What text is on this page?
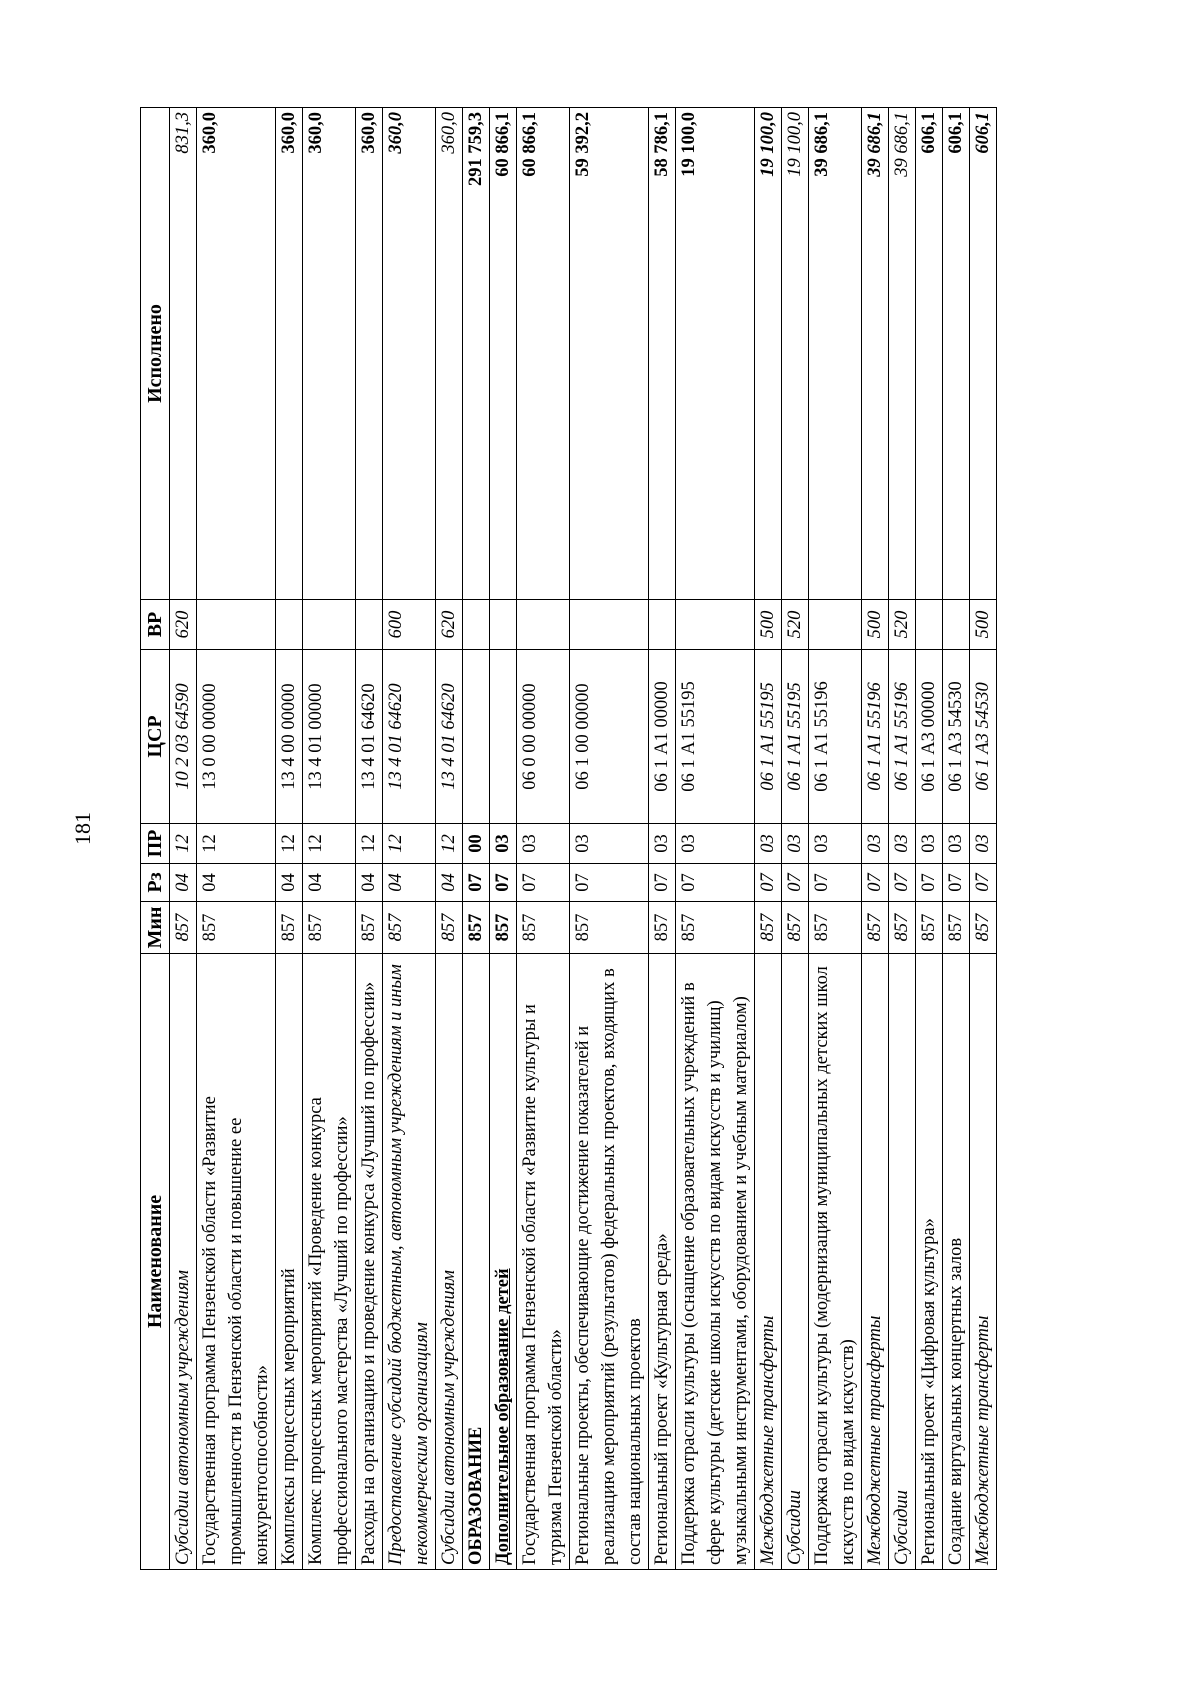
181
Наименование	Мин	Рз	ПР	ЦСР	ВР	Исполнено
Субсидии автономным учреждениям	857	04	12	10 2 03 64590	620	831,3
Государственная программа Пензенской области «Развитие промышленности в Пензенской области и повышение ее конкурентоспособности»	857	04	12	13 0 00 00000		360,0
Комплексы процессных мероприятий	857	04	12	13 4 00 00000		360,0
Комплекс процессных мероприятий «Проведение конкурса профессионального мастерства «Лучший по профессии»	857	04	12	13 4 01 00000		360,0
Расходы на организацию и проведение конкурса «Лучший по профессии»	857	04	12	13 4 01 64620		360,0
Предоставление субсидий бюджетным, автономным учреждениям и иным некоммерческим организациям	857	04	12	13 4 01 64620	600	360,0
Субсидии автономным учреждениям	857	04	12	13 4 01 64620	620	360,0
ОБРАЗОВАНИЕ	857	07	00			291 759,3
Дополнительное образование детей	857	07	03			60 866,1
Государственная программа Пензенской области «Развитие культуры и туризма Пензенской области»	857	07	03	06 0 00 00000		60 866,1
Региональные проекты, обеспечивающие достижение показателей и реализацию мероприятий (результатов) федеральных проектов, входящих в состав национальных проектов	857	07	03	06 1 00 00000		59 392,2
Региональный проект «Культурная среда»	857	07	03	06 1 А1 00000		58 786,1
Поддержка отрасли культуры (оснащение образовательных учреждений в сфере культуры (детские школы искусств по видам искусств и училищ) музыкальными инструментами, оборудованием и учебным материалом)	857	07	03	06 1 А1 55195		19 100,0
Межбюджетные трансферты	857	07	03	06 1 А1 55195	500	19 100,0
Субсидии	857	07	03	06 1 А1 55195	520	19 100,0
Поддержка отрасли культуры (модернизация муниципальных детских школ искусств по видам искусств)	857	07	03	06 1 А1 55196		39 686,1
Межбюджетные трансферты	857	07	03	06 1 А1 55196	500	39 686,1
Субсидии	857	07	03	06 1 А1 55196	520	39 686,1
Региональный проект «Цифровая культура»	857	07	03	06 1 А3 00000		606,1
Создание виртуальных концертных залов	857	07	03	06 1 А3 54530		606,1
Межбюджетные трансферты	857	07	03	06 1 А3 54530	500	606,1
